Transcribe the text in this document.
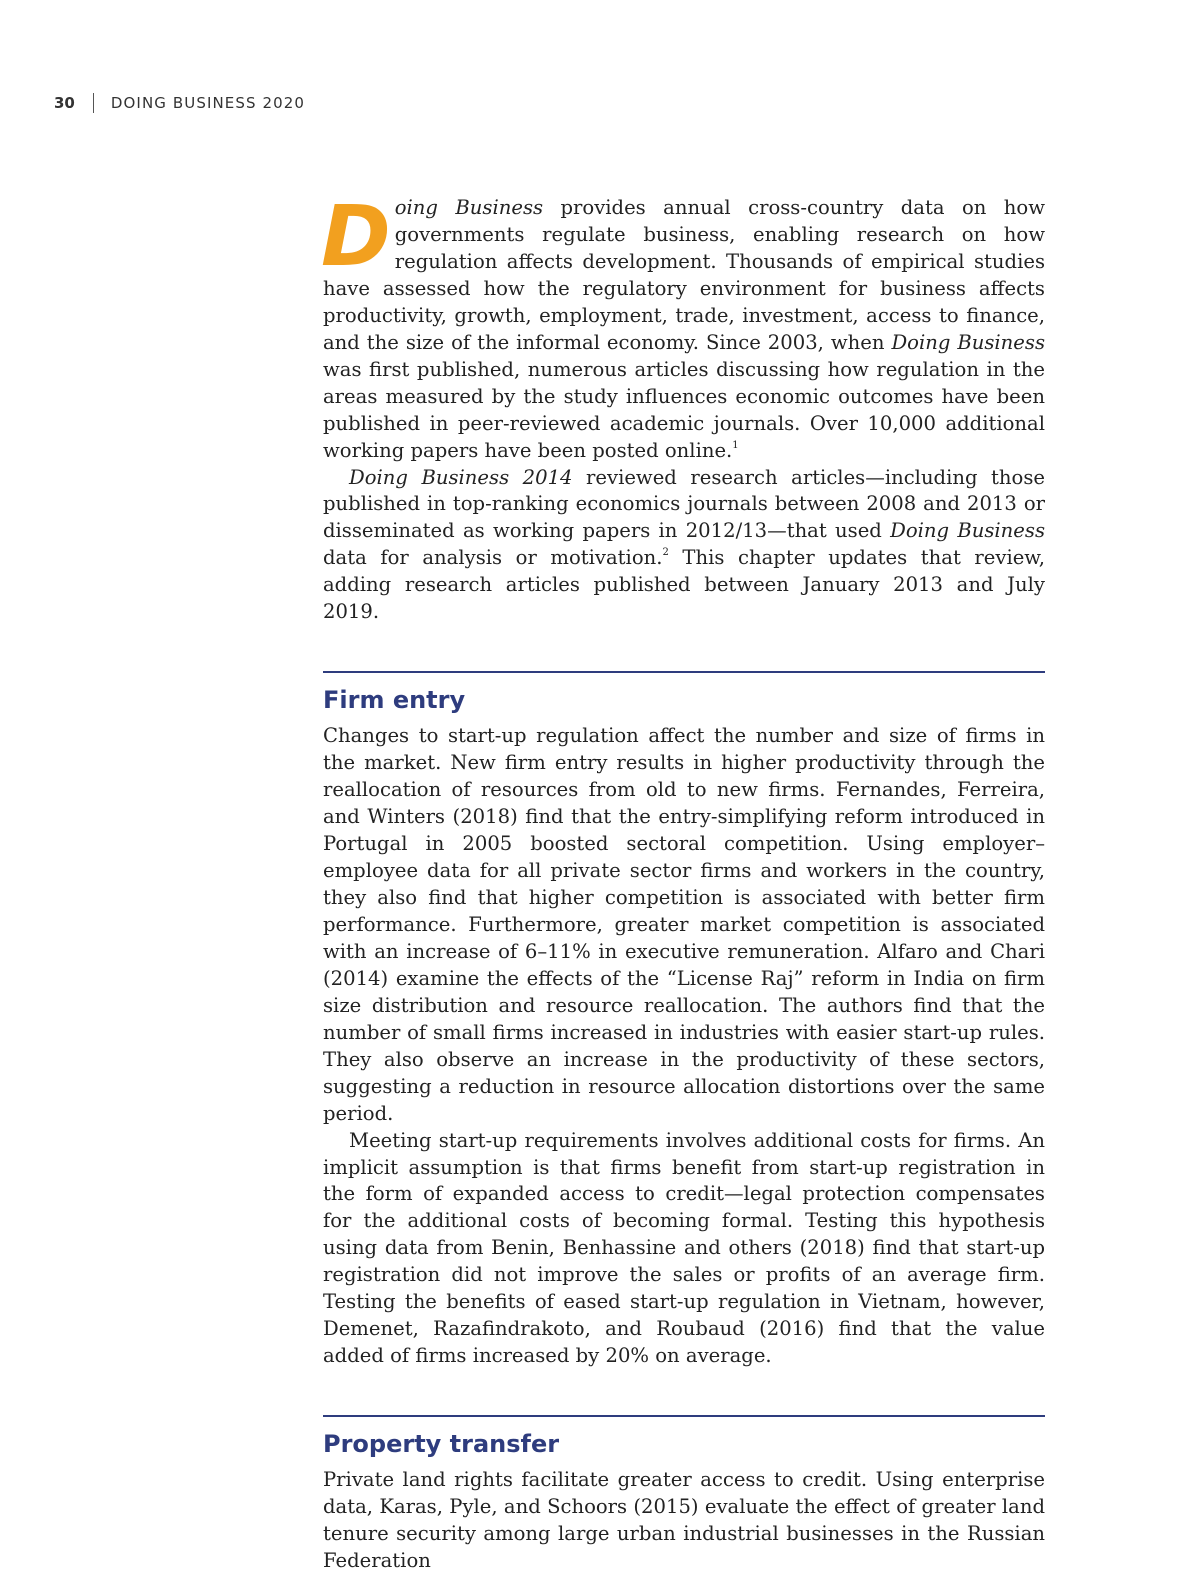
30 DOING BUSINESS 2020

Doing Business provides annual cross-country data on how governments regulate business, enabling research on how regulation affects development. Thousands of empirical studies have assessed how the regulatory environment for business affects productivity, growth, employment, trade, investment, access to finance, and the size of the informal economy. Since 2003, when Doing Business was first published, numerous articles discussing how regulation in the areas measured by the study influences economic outcomes have been published in peer-reviewed academic journals. Over 10,000 additional working papers have been posted online.$^1$

Doing Business 2014 reviewed research articles—including those published in top-ranking economics journals between 2008 and 2013 or disseminated as working papers in 2012/13—that used Doing Business data for analysis or motivation.$^2$ This chapter updates that review, adding research articles published between January 2013 and July 2019.

Firm entry

Changes to start-up regulation affect the number and size of firms in the market. New firm entry results in higher productivity through the reallocation of resources from old to new firms. Fernandes, Ferreira, and Winters (2018) find that the entry-simplifying reform introduced in Portugal in 2005 boosted sectoral competition. Using employer–employee data for all private sector firms and workers in the country, they also find that higher competition is associated with better firm performance. Furthermore, greater market competition is associated with an increase of 6–11% in executive remuneration. Alfaro and Chari (2014) examine the effects of the “License Raj” reform in India on firm size distribution and resource reallocation. The authors find that the number of small firms increased in industries with easier start-up rules. They also observe an increase in the productivity of these sectors, suggesting a reduction in resource allocation distortions over the same period.

Meeting start-up requirements involves additional costs for firms. An implicit assumption is that firms benefit from start-up registration in the form of expanded access to credit—legal protection compensates for the additional costs of becoming formal. Testing this hypothesis using data from Benin, Benhassine and others (2018) find that start-up registration did not improve the sales or profits of an average firm. Testing the benefits of eased start-up regulation in Vietnam, however, Demenet, Razafindrakoto, and Roubaud (2016) find that the value added of firms increased by 20% on average.

Property transfer

Private land rights facilitate greater access to credit. Using enterprise data, Karas, Pyle, and Schoors (2015) evaluate the effect of greater land tenure security among large urban industrial businesses in the Russian Federation
